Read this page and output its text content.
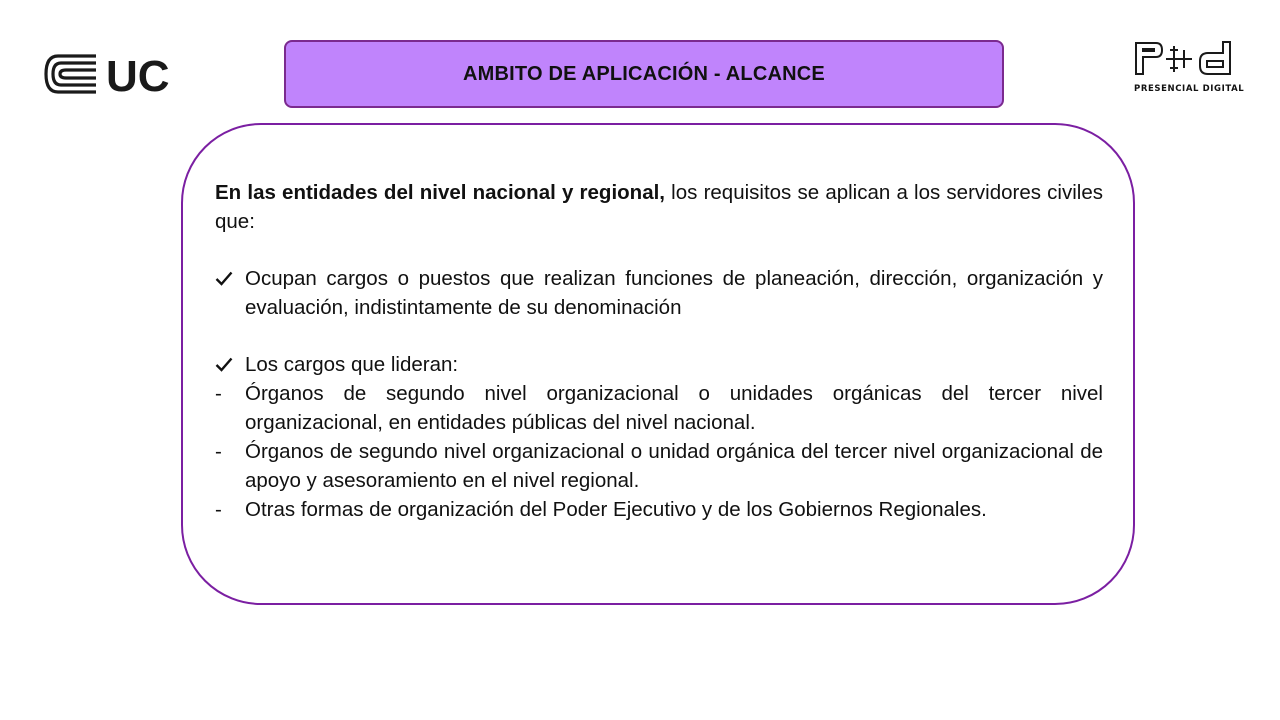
UC	PRESENCIAL DIGITAL
AMBITO DE APLICACIÓN - ALCANCE

En las entidades del nivel nacional y regional, los requisitos se aplican a los servidores civiles que:

Ocupan cargos o puestos que realizan funciones de planeación, dirección, organización y evaluación, indistintamente de su denominación

Los cargos que lideran:

-	Órganos de segundo nivel organizacional o unidades orgánicas del tercer nivel organizacional, en entidades públicas del nivel nacional.

-	Órganos de segundo nivel organizacional o unidad orgánica del tercer nivel organizacional de apoyo y asesoramiento en el nivel regional.

-	Otras formas de organización del Poder Ejecutivo y de los Gobiernos Regionales.
